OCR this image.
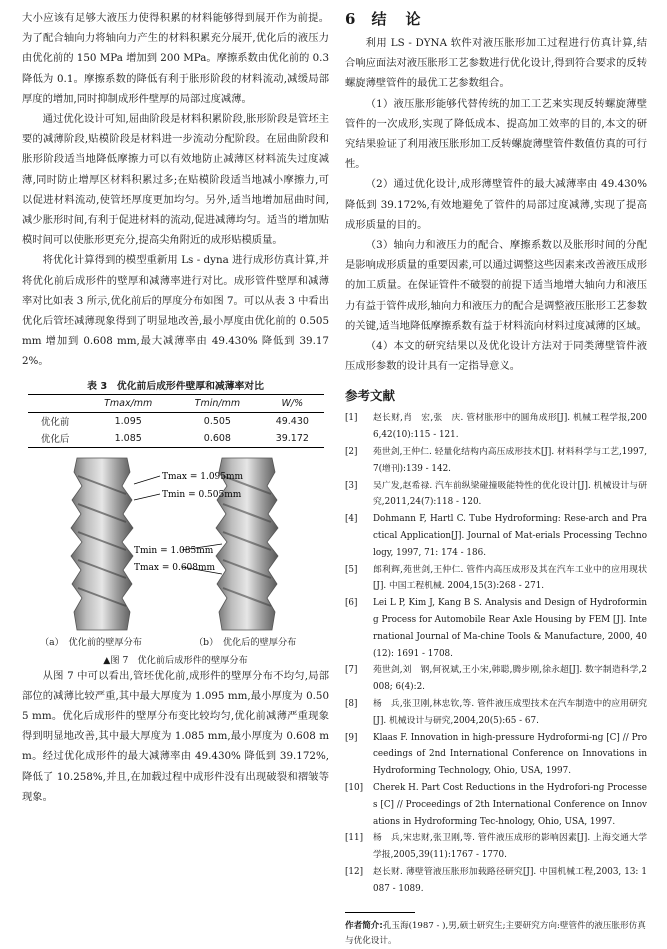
大小应该有足够大液压力使得积累的材料能够得到展开作为前提。为了配合轴向力将轴向力产生的材料积累充分展开,优化后的液压力由优化前的 150 MPa 增加到 200 MPa。摩擦系数由优化前的 0.3 降低为 0.1。摩擦系数的降低有利于胀形阶段的材料流动,减缓局部厚度的增加,同时抑制成形件壁厚的局部过度减薄。

通过优化设计可知,屈曲阶段是材料积累阶段,胀形阶段是管坯主要的减薄阶段,贴模阶段是材料进一步流动分配阶段。在屈曲阶段和胀形阶段适当地降低摩擦力可以有效地防止减薄区材料流失过度减薄,同时防止增厚区材料积累过多;在贴模阶段适当地减小摩擦力,可以促进材料流动,使管坯厚度更加均匀。另外,适当地增加屈曲时间,减少胀形时间,有利于促进材料的流动,促进减薄均匀。适当的增加贴模时间可以使胀形更充分,提高尖角附近的成形贴模质量。

将优化计算得到的模型重新用 Ls - dyna 进行成形仿真计算,并将优化前后成形件的壁厚和减薄率进行对比。成形管件壁厚和减薄率对比如表 3 所示,优化前后的厚度分布如图 7。可以从表 3 中看出优化后管坯减薄现象得到了明显地改善,最小厚度由优化前的 0.505 mm 增加到 0.608 mm,最大减薄率由 49.430% 降低到 39.172%。

表 3　优化前后成形件壁厚和减薄率对比
	Tmax/mm	Tmin/mm	W/%
优化前	1.095	0.505	49.430
优化后	1.085	0.608	39.172
Tmax = 1.095mm
Tmin = 0.505mm
Tmin = 1.085mm
Tmax = 0.608mm
（a）　优化前的壁厚分布	（b）　优化后的壁厚分布
▲图 7　优化前后成形件的壁厚分布

从图 7 中可以看出,管坯优化前,成形件的壁厚分布不均匀,局部部位的减薄比较严重,其中最大厚度为 1.095 mm,最小厚度为 0.505 mm。优化后成形件的壁厚分布变比较均匀,优化前减薄严重现象得到明显地改善,其中最大厚度为 1.085 mm,最小厚度为 0.608 mm。经过优化成形件的最大减薄率由 49.430% 降低到 39.172%,降低了 10.258%,并且,在加载过程中成形件没有出现破裂和褶皱等现象。

6 结　论

利用 LS - DYNA 软件对液压胀形加工过程进行仿真计算,结合响应面法对液压胀形工艺参数进行优化设计,得到符合要求的反转螺旋薄壁管件的最优工艺参数组合。

（1）液压胀形能够代替传统的加工工艺来实现反转螺旋薄壁管件的一次成形,实现了降低成本、提高加工效率的目的,本文的研究结果验证了利用液压胀形加工反转螺旋薄壁管件数值仿真的可行性。

（2）通过优化设计,成形薄壁管件的最大减薄率由 49.430% 降低到 39.172%,有效地避免了管件的局部过度减薄,实现了提高成形质量的目的。

（3）轴向力和液压力的配合、摩擦系数以及胀形时间的分配是影响成形质量的重要因素,可以通过调整这些因素来改善液压成形的加工质量。在保证管件不破裂的前提下适当地增大轴向力和液压力有益于管件成形,轴向力和液压力的配合是调整液压胀形工艺参数的关键,适当地降低摩擦系数有益于材料流向材料过度减薄的区域。

（4）本文的研究结果以及优化设计方法对于同类薄壁管件液压成形参数的设计具有一定指导意义。

参考文献
[1]	赵长财,肖　宏,张　庆. 管材胀形中的圆角成形[J]. 机械工程学报,2006,42(10):115 - 121.
[2]	苑世剑,王仲仁. 轻量化结构内高压成形技术[J]. 材料科学与工艺,1997,7(增刊):139 - 142.
[3]	吴广发,赵希禄. 汽车前纵梁碰撞吸能特性的优化设计[J]. 机械设计与研究,2011,24(7):118 - 120.
[4]	Dohmann F, Hartl C. Tube Hydroforming: Rese-arch and Practical Application[J]. Journal of Mat-erials Processing Technology, 1997, 71: 174 - 186.
[5]	郎利辉,苑世剑,王仲仁. 管件内高压成形及其在汽车工业中的应用现状[J]. 中国工程机械. 2004,15(3):268 - 271.
[6]	Lei L P, Kim J, Kang B S. Analysis and Design of Hydroforming Process for Automobile Rear Axle Housing by FEM [J]. International Journal of Ma-chine Tools & Manufacture, 2000, 40 (12): 1691 - 1708.
[7]	苑世剑,刘　钢,何祝斌,王小宋,韩聪,腾步刚,徐永超[J]. 数字制造科学,2008; 6(4):2.
[8]	杨　兵,张卫刚,林忠钦,等. 管件液压成型技术在汽车制造中的应用研究[J]. 机械设计与研究,2004,20(5):65 - 67.
[9]	Klaas F. Innovation in high-pressure Hydroformi-ng [C] // Proceedings of 2nd International Conference on Innovations in Hydroforming Technology, Ohio, USA, 1997.
[10]	Cherek H. Part Cost Reductions in the Hydrofori-ng Processes [C] // Proceedings of 2th International Conference on Innovations in Hydroforming Tec-hnology, Ohio, USA, 1997.
[11]	杨　兵,宋忠财,张卫刚,等. 管件液压成形的影响因素[J]. 上海交通大学学报,2005,39(11):1767 - 1770.
[12]	赵长财. 薄壁管液压胀形加载路径研究[J]. 中国机械工程,2003, 13: 1087 - 1089.

作者简介:孔玉海(1987 - ),男,硕士研究生;主要研究方向:壁管件的液压胀形仿真与优化设计。
